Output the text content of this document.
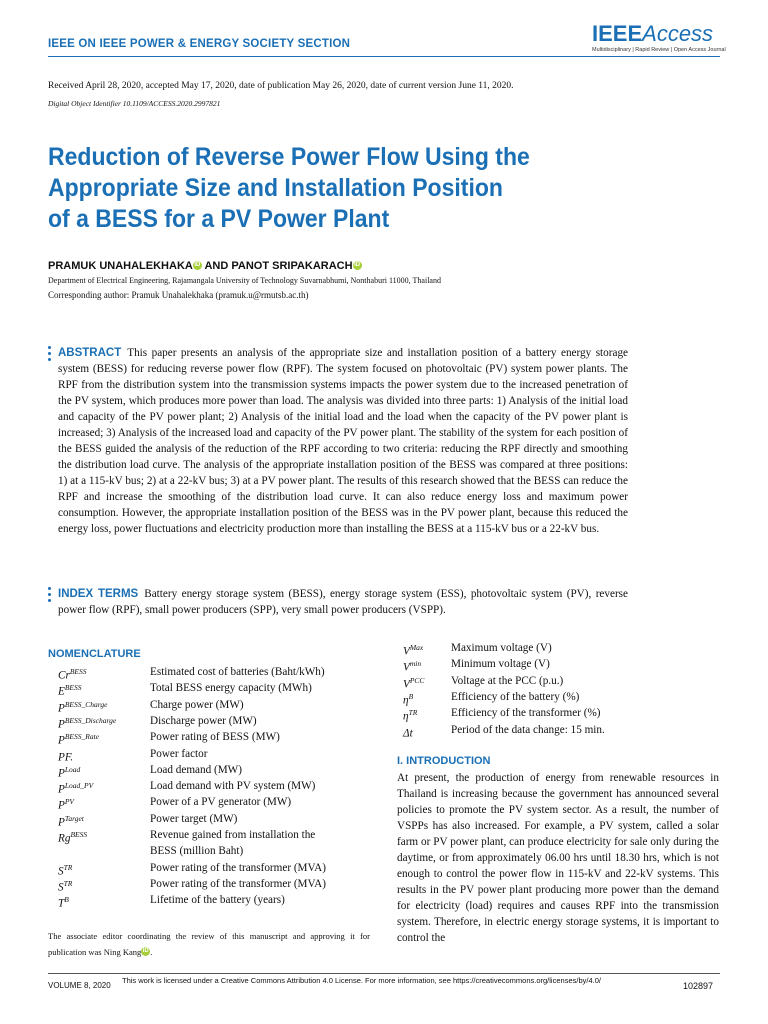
IEEE ON IEEE POWER & ENERGY SOCIETY SECTION	IEEEAccess
Multidisciplinary | Rapid Review | Open Access Journal
Received April 28, 2020, accepted May 17, 2020, date of publication May 26, 2020, date of current version June 11, 2020.
Digital Object Identifier 10.1109/ACCESS.2020.2997821
Reduction of Reverse Power Flow Using the
Appropriate Size and Installation Position
of a BESS for a PV Power Plant
PRAMUK UNAHALEKHAKA iD AND PANOT SRIPAKARACH iD
Department of Electrical Engineering, Rajamangala University of Technology Suvarnabhumi, Nonthaburi 11000, Thailand
Corresponding author: Pramuk Unahalekhaka (pramuk.u@rmutsb.ac.th)
ABSTRACT This paper presents an analysis of the appropriate size and installation position of a battery energy storage system (BESS) for reducing reverse power flow (RPF). The system focused on photovoltaic (PV) system power plants. The RPF from the distribution system into the transmission systems impacts the power system due to the increased penetration of the PV system, which produces more power than load. The analysis was divided into three parts: 1) Analysis of the initial load and capacity of the PV power plant; 2) Analysis of the initial load and the load when the capacity of the PV power plant is increased; 3) Analysis of the increased load and capacity of the PV power plant. The stability of the system for each position of the BESS guided the analysis of the reduction of the RPF according to two criteria: reducing the RPF directly and smoothing the distribution load curve. The analysis of the appropriate installation position of the BESS was compared at three positions: 1) at a 115-kV bus; 2) at a 22-kV bus; 3) at a PV power plant. The results of this research showed that the BESS can reduce the RPF and increase the smoothing of the distribution load curve. It can also reduce energy loss and maximum power consumption. However, the appropriate installation position of the BESS was in the PV power plant, because this reduced the energy loss, power fluctuations and electricity production more than installing the BESS at a 115-kV bus or a 22-kV bus.
INDEX TERMS Battery energy storage system (BESS), energy storage system (ESS), photovoltaic system (PV), reverse power flow (RPF), small power producers (SPP), very small power producers (VSPP).
NOMENCLATURE
$Cr^{BESS}$	Estimated cost of batteries (Baht/kWh)
$E^{BESS}$	Total BESS energy capacity (MWh)
$P^{BESS\_Charge}$	Charge power (MW)
$P^{BESS\_Discharge}$	Discharge power (MW)
$P^{BESS\_Rate}$	Power rating of BESS (MW)
PF.	Power factor
$P^{Load}$	Load demand (MW)
$P^{Load\_PV}$	Load demand with PV system (MW)
$P^{PV}$	Power of a PV generator (MW)
$P^{Target}$	Power target (MW)
$Rg^{BESS}$	Revenue gained from installation the
BESS (million Baht)
$S^{TR}$	Power rating of the transformer (MVA)
$S^{TR}$	Power rating of the transformer (MVA)
$T^B$	Lifetime of the battery (years)
$V^{Max}$ Maximum voltage (V)
$V^{min}$	Minimum voltage (V)
$V^{PCC}$ Voltage at the PCC (p.u.)
$\eta^B$	Efficiency of the battery (%)
$\eta^{TR}$	Efficiency of the transformer (%)
Δt	Period of the data change: 15 min.
The associate editor coordinating the review of this manuscript and approving it for publication was Ning Kang iD .
I. INTRODUCTION
At present, the production of energy from renewable resources in Thailand is increasing because the government has announced several policies to promote the PV system sector. As a result, the number of VSPPs has also increased. For example, a PV system, called a solar farm or PV power plant, can produce electricity for sale only during the daytime, or from approximately 06.00 hrs until 18.30 hrs, which is not enough to control the power flow in 115-kV and 22-kV systems. This results in the PV power plant producing more power than the demand for electricity (load) requires and causes RPF into the transmission system. Therefore, in electric energy storage systems, it is important to control the
VOLUME 8, 2020
This work is licensed under a Creative Commons Attribution 4.0 License. For more information, see https://creativecommons.org/licenses/by/4.0/
102897
